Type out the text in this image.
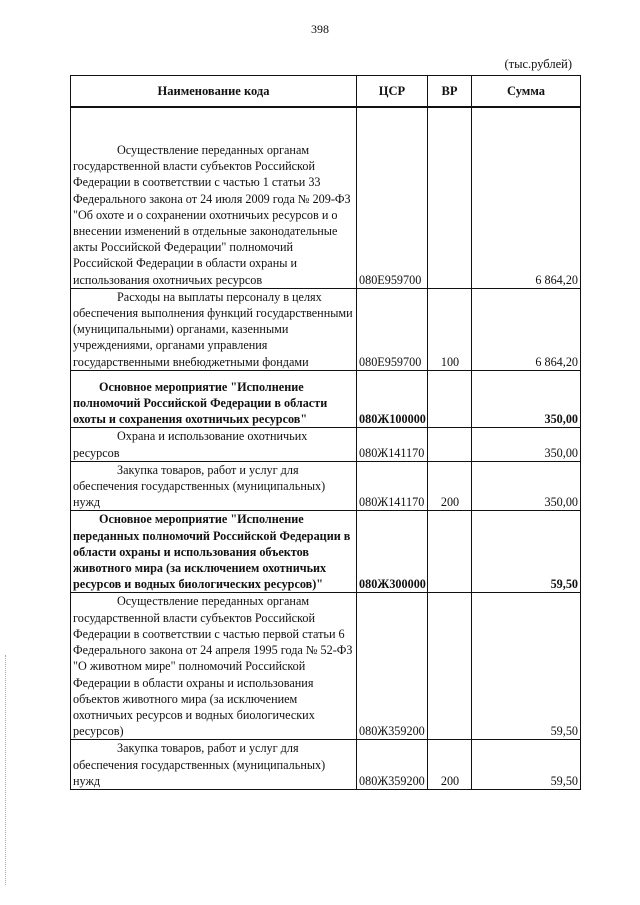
398
(тыс.рублей)
Наименование кода	ЦСР	ВР	Сумма

Осуществление переданных органам государственной власти субъектов Российской Федерации в соответствии с частью 1 статьи 33 Федерального закона от 24 июля 2009 года № 209-ФЗ "Об охоте и о сохранении охотничьих ресурсов и о внесении изменений в отдельные законодательные акты Российской Федерации" полномочий Российской Федерации в области охраны и использования охотничьих ресурсов	080Е959700		6 864,20

Расходы на выплаты персоналу в целях обеспечения выполнения функций государственными (муниципальными) органами, казенными учреждениями, органами управления государственными внебюджетными фондами	080Е959700	100	6 864,20

Основное мероприятие "Исполнение полномочий Российской Федерации в области охоты и сохранения охотничьих ресурсов"	080Ж100000		350,00

Охрана и использование охотничьих ресурсов	080Ж141170		350,00

Закупка товаров, работ и услуг для обеспечения государственных (муниципальных) нужд	080Ж141170	200	350,00

Основное мероприятие "Исполнение переданных полномочий Российской Федерации в области охраны и использования объектов животного мира (за исключением охотничьих ресурсов и водных биологических ресурсов)"	080Ж300000		59,50

Осуществление переданных органам государственной власти субъектов Российской Федерации в соответствии с частью первой статьи 6 Федерального закона от 24 апреля 1995 года № 52-ФЗ "О животном мире" полномочий Российской Федерации в области охраны и использования объектов животного мира (за исключением охотничьих ресурсов и водных биологических ресурсов)	080Ж359200		59,50

Закупка товаров, работ и услуг для обеспечения государственных (муниципальных) нужд	080Ж359200	200	59,50
